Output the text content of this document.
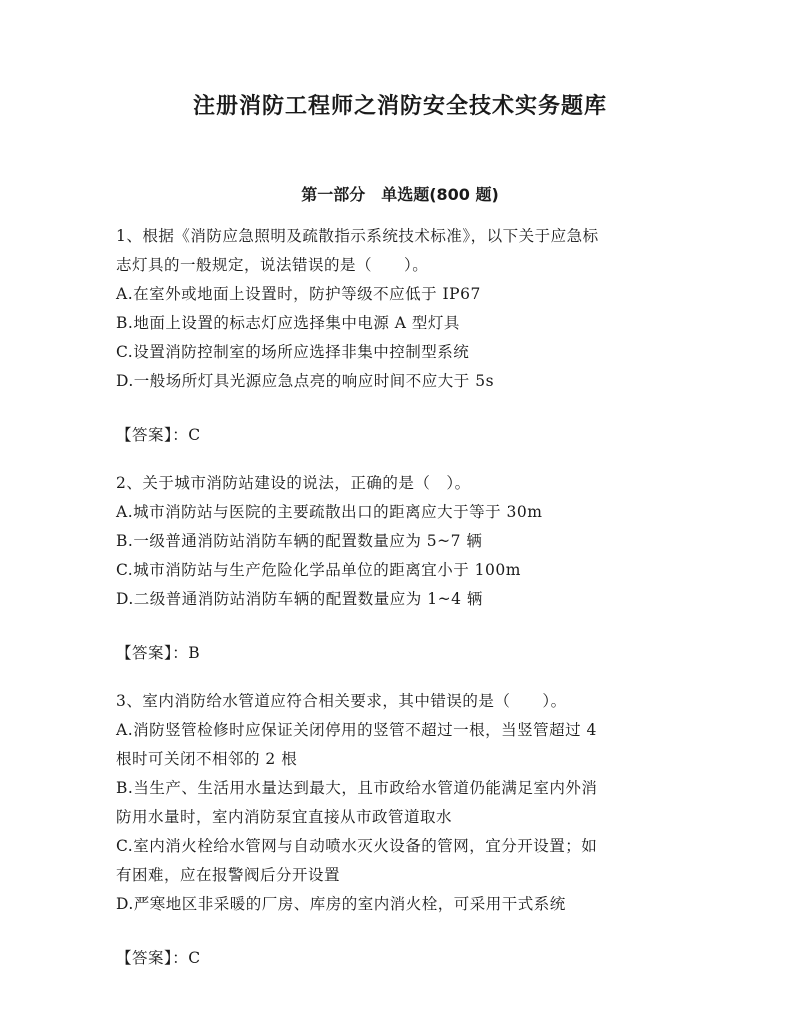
注册消防工程师之消防安全技术实务题库
第一部分　单选题(800 题)
1、根据《消防应急照明及疏散指示系统技术标准》，以下关于应急标
志灯具的一般规定，说法错误的是（　　）。
A.在室外或地面上设置时，防护等级不应低于 IP67
B.地面上设置的标志灯应选择集中电源 A 型灯具
C.设置消防控制室的场所应选择非集中控制型系统
D.一般场所灯具光源应急点亮的响应时间不应大于 5s
【答案】：C
2、关于城市消防站建设的说法，正确的是（　）。
A.城市消防站与医院的主要疏散出口的距离应大于等于 30m
B.一级普通消防站消防车辆的配置数量应为 5~7 辆
C.城市消防站与生产危险化学品单位的距离宜小于 100m
D.二级普通消防站消防车辆的配置数量应为 1~4 辆
【答案】：B
3、室内消防给水管道应符合相关要求，其中错误的是（　　）。
A.消防竖管检修时应保证关闭停用的竖管不超过一根，当竖管超过 4
根时可关闭不相邻的 2 根
B.当生产、生活用水量达到最大，且市政给水管道仍能满足室内外消
防用水量时，室内消防泵宜直接从市政管道取水
C.室内消火栓给水管网与自动喷水灭火设备的管网，宜分开设置；如
有困难，应在报警阀后分开设置
D.严寒地区非采暖的厂房、库房的室内消火栓，可采用干式系统
【答案】：C
